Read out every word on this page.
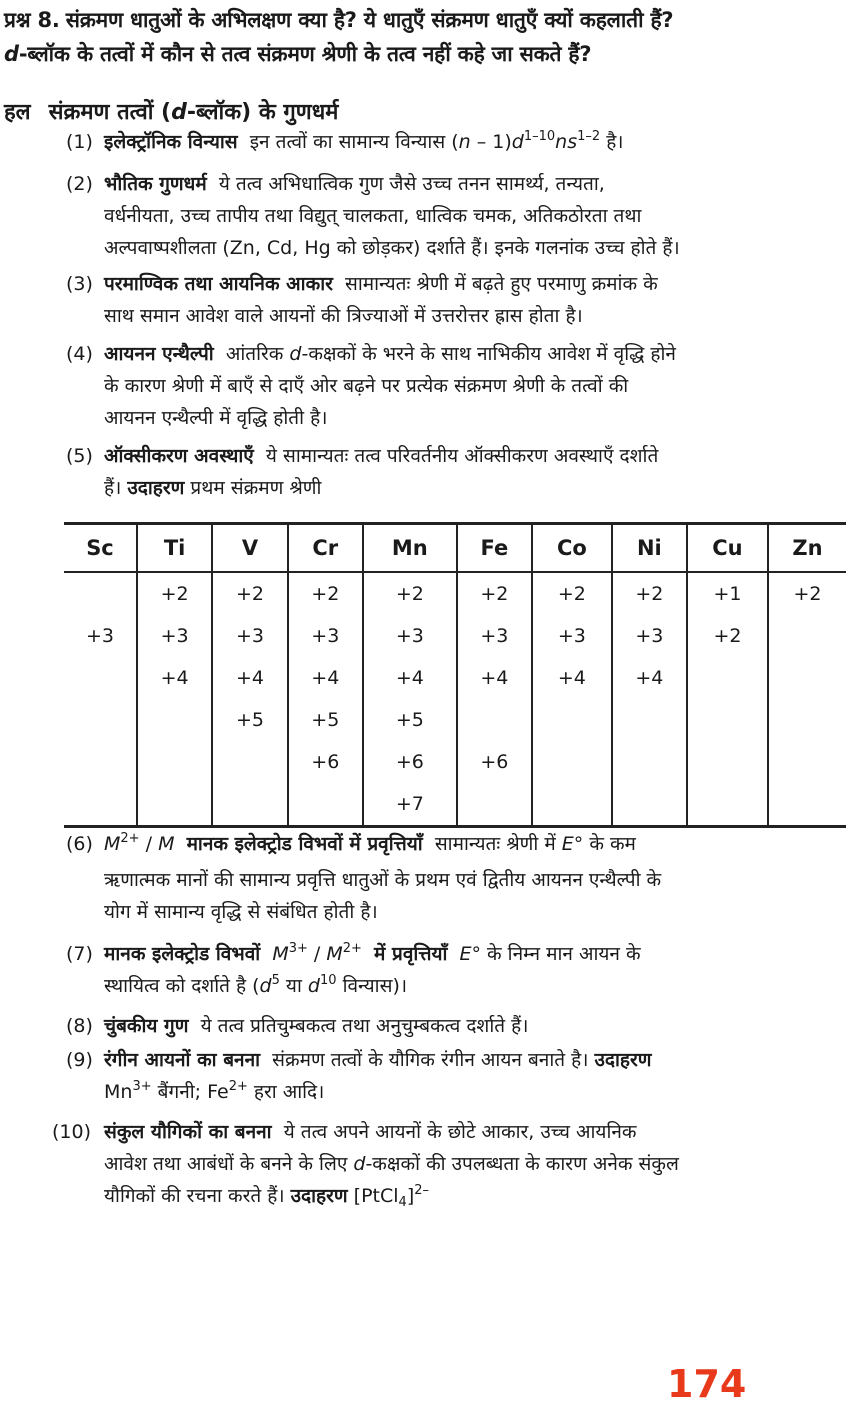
प्रश्न 8. संक्रमण धातुओं के अभिलक्षण क्या है? ये धातुएँ संक्रमण धातुएँ क्यों कहलाती हैं?
d-ब्लॉक के तत्वों में कौन से तत्व संक्रमण श्रेणी के तत्व नहीं कहे जा सकते हैं?
हल संक्रमण तत्वों (d-ब्लॉक) के गुणधर्म
(1) इलेक्ट्रॉनिक विन्यास इन तत्वों का सामान्य विन्यास $(n - 1)d^{1-10}ns^{1-2}$ है।
(2) भौतिक गुणधर्म ये तत्व अभिधात्विक गुण जैसे उच्च तनन सामर्थ्य, तन्यता,
वर्धनीयता, उच्च तापीय तथा विद्युत् चालकता, धात्विक चमक, अतिकठोरता तथा
अल्पवाष्पशीलता (Zn, Cd, Hg को छोड़कर) दर्शाते हैं। इनके गलनांक उच्च होते हैं।
(3) परमाण्विक तथा आयनिक आकार सामान्यतः श्रेणी में बढ़ते हुए परमाणु क्रमांक के
साथ समान आवेश वाले आयनों की त्रिज्याओं में उत्तरोत्तर ह्रास होता है।
(4) आयनन एन्थैल्पी आंतरिक d-कक्षकों के भरने के साथ नाभिकीय आवेश में वृद्धि होने
के कारण श्रेणी में बाएँ से दाएँ ओर बढ़ने पर प्रत्येक संक्रमण श्रेणी के तत्वों की
आयनन एन्थैल्पी में वृद्धि होती है।
(5) ऑक्सीकरण अवस्थाएँ ये सामान्यतः तत्व परिवर्तनीय ऑक्सीकरण अवस्थाएँ दर्शाते
हैं। उदाहरण प्रथम संक्रमण श्रेणी
Sc	Ti	V	Cr	Mn	Fe	Co	Ni	Cu	Zn
	+2	+2	+2	+2	+2	+2	+2	+1	+2
+3	+3	+3	+3	+3	+3	+3	+3	+2	
	+4	+4	+4	+4	+4	+4	+4		
		+5	+5	+5					
			+6	+6	+6				
				+7					
(6) $M^{2+}$ / M मानक इलेक्ट्रोड विभवों में प्रवृत्तियाँ सामान्यतः श्रेणी में E° के कम
ऋणात्मक मानों की सामान्य प्रवृत्ति धातुओं के प्रथम एवं द्वितीय आयनन एन्थैल्पी के
योग में सामान्य वृद्धि से संबंधित होती है।
(7) मानक इलेक्ट्रोड विभवों $M^{3+} / M^{2+}$ में प्रवृत्तियाँ E° के निम्न मान आयन के
स्थायित्व को दर्शाते है ($d^5$ या $d^{10}$ विन्यास)।
(8) चुंबकीय गुण ये तत्व प्रतिचुम्बकत्व तथा अनुचुम्बकत्व दर्शाते हैं।
(9) रंगीन आयनों का बनना संक्रमण तत्वों के यौगिक रंगीन आयन बनाते है। उदाहरण
$Mn^{3+}$ बैंगनी; $Fe^{2+}$ हरा आदि।
(10) संकुल यौगिकों का बनना ये तत्व अपने आयनों के छोटे आकार, उच्च आयनिक
आवेश तथा आबंधों के बनने के लिए d-कक्षकों की उपलब्धता के कारण अनेक संकुल
यौगिकों की रचना करते हैं। उदाहरण [PtCl$_4$]$^{2-}$
174
